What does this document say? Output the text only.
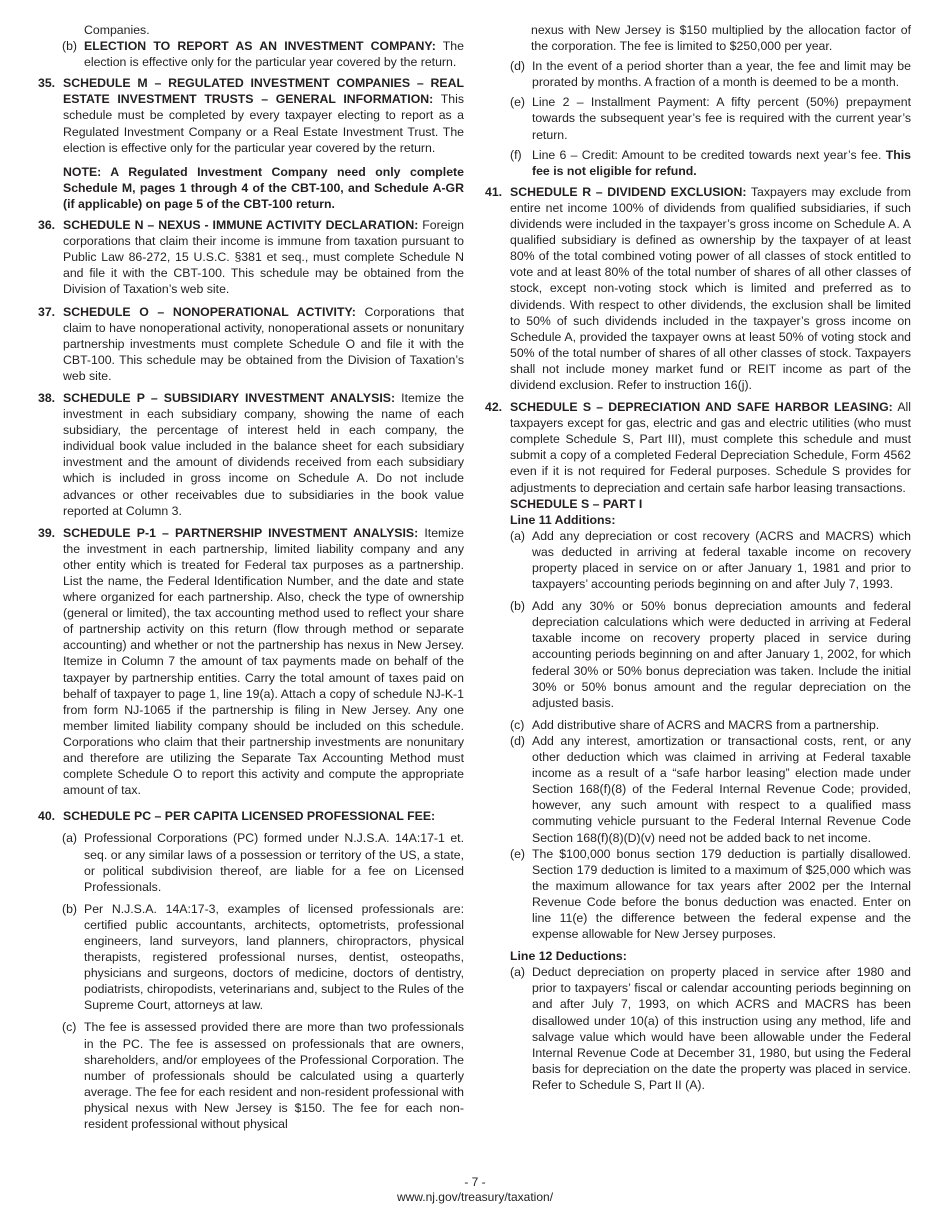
Companies.

(b) ELECTION TO REPORT AS AN INVESTMENT COMPANY: The election is effective only for the particular year covered by the return.
35. SCHEDULE M – REGULATED INVESTMENT COMPANIES – REAL ESTATE INVESTMENT TRUSTS – GENERAL INFORMATION: This schedule must be completed by every taxpayer electing to report as a Regulated Investment Company or a Real Estate Investment Trust. The election is effective only for the particular year covered by the return.

NOTE: A Regulated Investment Company need only complete Schedule M, pages 1 through 4 of the CBT-100, and Schedule A-GR (if applicable) on page 5 of the CBT-100 return.

36. SCHEDULE N – NEXUS - IMMUNE ACTIVITY DECLARATION: Foreign corporations that claim their income is immune from taxation pursuant to Public Law 86-272, 15 U.S.C. §381 et seq., must complete Schedule N and file it with the CBT-100. This schedule may be obtained from the Division of Taxation’s web site.
37. SCHEDULE O – NONOPERATIONAL ACTIVITY: Corporations that claim to have nonoperational activity, nonoperational assets or nonunitary partnership investments must complete Schedule O and file it with the CBT-100. This schedule may be obtained from the Division of Taxation’s web site.
38. SCHEDULE P – SUBSIDIARY INVESTMENT ANALYSIS: Itemize the investment in each subsidiary company, showing the name of each subsidiary, the percentage of interest held in each company, the individual book value included in the balance sheet for each subsidiary investment and the amount of dividends received from each subsidiary which is included in gross income on Schedule A. Do not include advances or other receivables due to subsidiaries in the book value reported at Column 3.
39. SCHEDULE P-1 – PARTNERSHIP INVESTMENT ANALYSIS: Itemize the investment in each partnership, limited liability company and any other entity which is treated for Federal tax purposes as a partnership. List the name, the Federal Identification Number, and the date and state where organized for each partnership. Also, check the type of ownership (general or limited), the tax accounting method used to reflect your share of partnership activity on this return (flow through method or separate accounting) and whether or not the partnership has nexus in New Jersey. Itemize in Column 7 the amount of tax payments made on behalf of the taxpayer by partnership entities. Carry the total amount of taxes paid on behalf of taxpayer to page 1, line 19(a). Attach a copy of schedule NJ-K-1 from form NJ-1065 if the partnership is filing in New Jersey. Any one member limited liability company should be included on this schedule. Corporations who claim that their partnership investments are nonunitary and therefore are utilizing the Separate Tax Accounting Method must complete Schedule O to report this activity and compute the appropriate amount of tax.
40. SCHEDULE PC – PER CAPITA LICENSED PROFESSIONAL FEE:
(a) Professional Corporations (PC) formed under N.J.S.A. 14A:17-1 et. seq. or any similar laws of a possession or territory of the US, a state, or political subdivision thereof, are liable for a fee on Licensed Professionals.
(b) Per N.J.S.A. 14A:17-3, examples of licensed professionals are: certified public accountants, architects, optometrists, professional engineers, land surveyors, land planners, chiropractors, physical therapists, registered professional nurses, dentist, osteopaths, physicians and surgeons, doctors of medicine, doctors of dentistry, podiatrists, chiropodists, veterinarians and, subject to the Rules of the Supreme Court, attorneys at law.
(c) The fee is assessed provided there are more than two professionals in the PC. The fee is assessed on professionals that are owners, shareholders, and/or employees of the Professional Corporation. The number of professionals should be calculated using a quarterly average. The fee for each resident and non-resident professional with physical nexus with New Jersey is $150. The fee for each non-resident professional without physical

nexus with New Jersey is $150 multiplied by the allocation factor of the corporation. The fee is limited to $250,000 per year.

(d) In the event of a period shorter than a year, the fee and limit may be prorated by months. A fraction of a month is deemed to be a month.
(e) Line 2 – Installment Payment: A fifty percent (50%) prepayment towards the subsequent year’s fee is required with the current year’s return.
(f) Line 6 – Credit: Amount to be credited towards next year’s fee. This fee is not eligible for refund.
41. SCHEDULE R – DIVIDEND EXCLUSION: Taxpayers may exclude from entire net income 100% of dividends from qualified subsidiaries, if such dividends were included in the taxpayer’s gross income on Schedule A. A qualified subsidiary is defined as ownership by the taxpayer of at least 80% of the total combined voting power of all classes of stock entitled to vote and at least 80% of the total number of shares of all other classes of stock, except non-voting stock which is limited and preferred as to dividends. With respect to other dividends, the exclusion shall be limited to 50% of such dividends included in the taxpayer’s gross income on Schedule A, provided the taxpayer owns at least 50% of voting stock and 50% of the total number of shares of all other classes of stock. Taxpayers shall not include money market fund or REIT income as part of the dividend exclusion. Refer to instruction 16(j).
42. SCHEDULE S – DEPRECIATION AND SAFE HARBOR LEASING: All taxpayers except for gas, electric and gas and electric utilities (who must complete Schedule S, Part III), must complete this schedule and must submit a copy of a completed Federal Depreciation Schedule, Form 4562 even if it is not required for Federal purposes. Schedule S provides for adjustments to depreciation and certain safe harbor leasing transactions.

SCHEDULE S – PART I

Line 11 Additions:

(a) Add any depreciation or cost recovery (ACRS and MACRS) which was deducted in arriving at federal taxable income on recovery property placed in service on or after January 1, 1981 and prior to taxpayers’ accounting periods beginning on and after July 7, 1993.
(b) Add any 30% or 50% bonus depreciation amounts and federal depreciation calculations which were deducted in arriving at Federal taxable income on recovery property placed in service during accounting periods beginning on and after January 1, 2002, for which federal 30% or 50% bonus depreciation was taken. Include the initial 30% or 50% bonus amount and the regular depreciation on the adjusted basis.
(c) Add distributive share of ACRS and MACRS from a partnership.
(d) Add any interest, amortization or transactional costs, rent, or any other deduction which was claimed in arriving at Federal taxable income as a result of a “safe harbor leasing” election made under Section 168(f)(8) of the Federal Internal Revenue Code; provided, however, any such amount with respect to a qualified mass commuting vehicle pursuant to the Federal Internal Revenue Code Section 168(f)(8)(D)(v) need not be added back to net income.
(e) The $100,000 bonus section 179 deduction is partially disallowed. Section 179 deduction is limited to a maximum of $25,000 which was the maximum allowance for tax years after 2002 per the Internal Revenue Code before the bonus deduction was enacted. Enter on line 11(e) the difference between the federal expense and the expense allowable for New Jersey purposes.

Line 12 Deductions:

(a) Deduct depreciation on property placed in service after 1980 and prior to taxpayers’ fiscal or calendar accounting periods beginning on and after July 7, 1993, on which ACRS and MACRS has been disallowed under 10(a) of this instruction using any method, life and salvage value which would have been allowable under the Federal Internal Revenue Code at December 31, 1980, but using the Federal basis for depreciation on the date the property was placed in service. Refer to Schedule S, Part II (A).
- 7 -
www.nj.gov/treasury/taxation/
